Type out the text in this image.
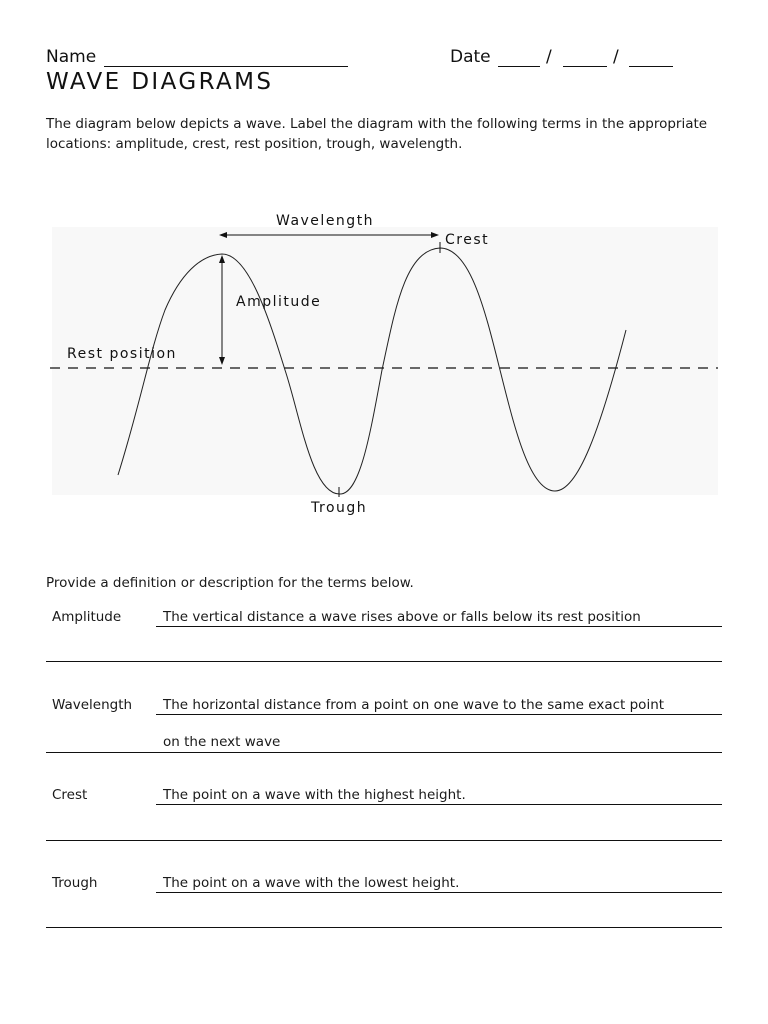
Name	Date	/	/
WAVE DIAGRAMS
The diagram below depicts a wave. Label the diagram with the following terms in the appropriate locations: amplitude, crest, rest position, trough, wavelength.
Wavelength
Crest
Amplitude
Rest position
Trough
Provide a definition or description for the terms below.
Amplitude	The vertical distance a wave rises above or falls below its rest position
Wavelength The horizontal distance from a point on one wave to the same exact point
on the next wave
Crest	The point on a wave with the highest height.
Trough	The point on a wave with the lowest height.
